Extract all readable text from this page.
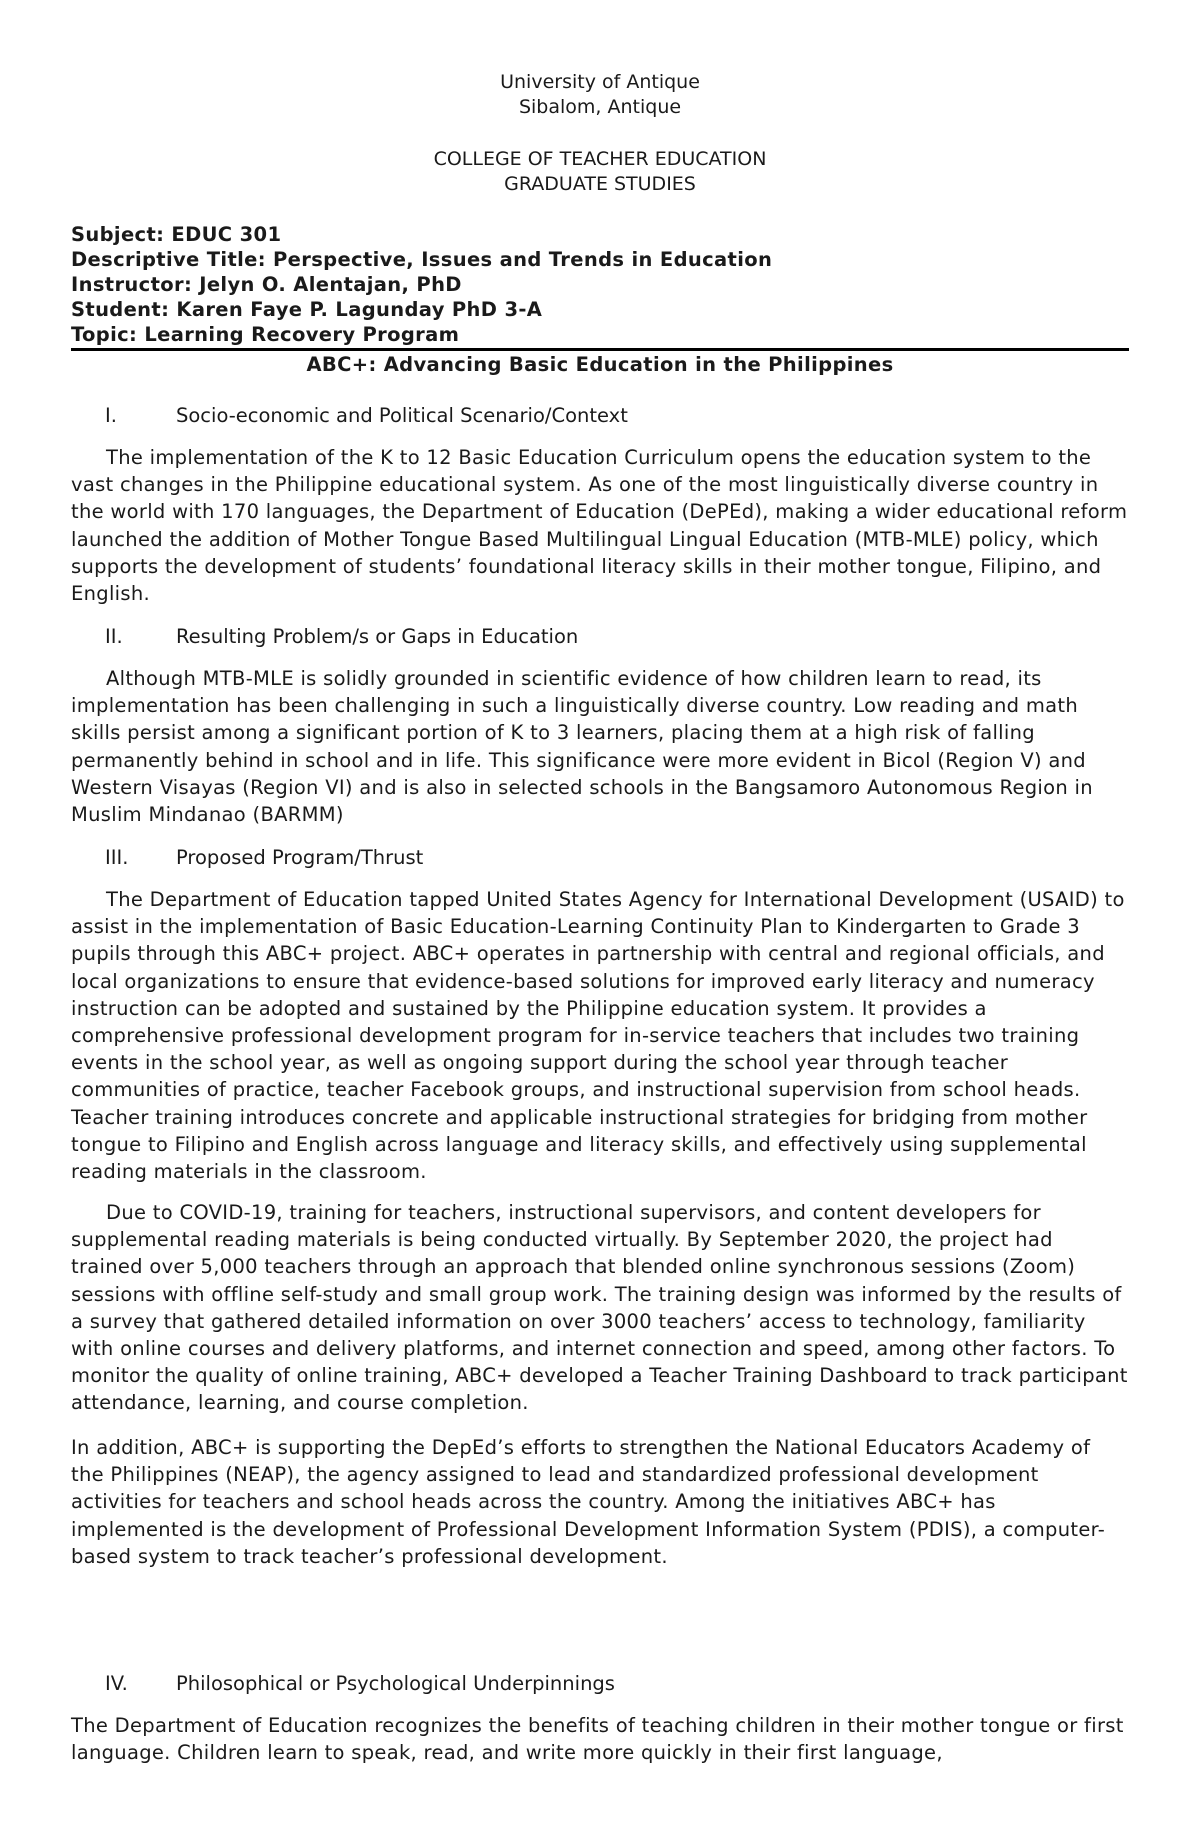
University of Antique
Sibalom, Antique
COLLEGE OF TEACHER EDUCATION
GRADUATE STUDIES
Subject: EDUC 301
Descriptive Title: Perspective, Issues and Trends in Education
Instructor: Jelyn O. Alentajan, PhD
Student: Karen Faye P. Lagunday PhD 3-A
Topic: Learning Recovery Program
ABC+: Advancing Basic Education in the Philippines
I.	Socio-economic and Political Scenario/Context

The implementation of the K to 12 Basic Education Curriculum opens the education system to the vast changes in the Philippine educational system. As one of the most linguistically diverse country in the world with 170 languages, the Department of Education (DePEd), making a wider educational reform launched the addition of Mother Tongue Based Multilingual Lingual Education (MTB-MLE) policy, which supports the development of students’ foundational literacy skills in their mother tongue, Filipino, and English.

II.	Resulting Problem/s or Gaps in Education

Although MTB-MLE is solidly grounded in scientific evidence of how children learn to read, its implementation has been challenging in such a linguistically diverse country. Low reading and math skills persist among a significant portion of K to 3 learners, placing them at a high risk of falling permanently behind in school and in life. This significance were more evident in Bicol (Region V) and Western Visayas (Region VI) and is also in selected schools in the Bangsamoro Autonomous Region in Muslim Mindanao (BARMM)

III. Proposed Program/Thrust

The Department of Education tapped United States Agency for International Development (USAID) to assist in the implementation of Basic Education-Learning Continuity Plan to Kindergarten to Grade 3 pupils through this ABC+ project. ABC+ operates in partnership with central and regional officials, and local organizations to ensure that evidence-based solutions for improved early literacy and numeracy instruction can be adopted and sustained by the Philippine education system. It provides a comprehensive professional development program for in-service teachers that includes two training events in the school year, as well as ongoing support during the school year through teacher communities of practice, teacher Facebook groups, and instructional supervision from school heads. Teacher training introduces concrete and applicable instructional strategies for bridging from mother tongue to Filipino and English across language and literacy skills, and effectively using supplemental reading materials in the classroom.

Due to COVID-19, training for teachers, instructional supervisors, and content developers for supplemental reading materials is being conducted virtually. By September 2020, the project had trained over 5,000 teachers through an approach that blended online synchronous sessions (Zoom) sessions with offline self-study and small group work. The training design was informed by the results of a survey that gathered detailed information on over 3000 teachers’ access to technology, familiarity with online courses and delivery platforms, and internet connection and speed, among other factors. To monitor the quality of online training, ABC+ developed a Teacher Training Dashboard to track participant attendance, learning, and course completion.

In addition, ABC+ is supporting the DepEd’s efforts to strengthen the National Educators Academy of the Philippines (NEAP), the agency assigned to lead and standardized professional development activities for teachers and school heads across the country. Among the initiatives ABC+ has implemented is the development of Professional Development Information System (PDIS), a computer-based system to track teacher’s professional development.

IV. Philosophical or Psychological Underpinnings

The Department of Education recognizes the benefits of teaching children in their mother tongue or first language. Children learn to speak, read, and write more quickly in their first language,
